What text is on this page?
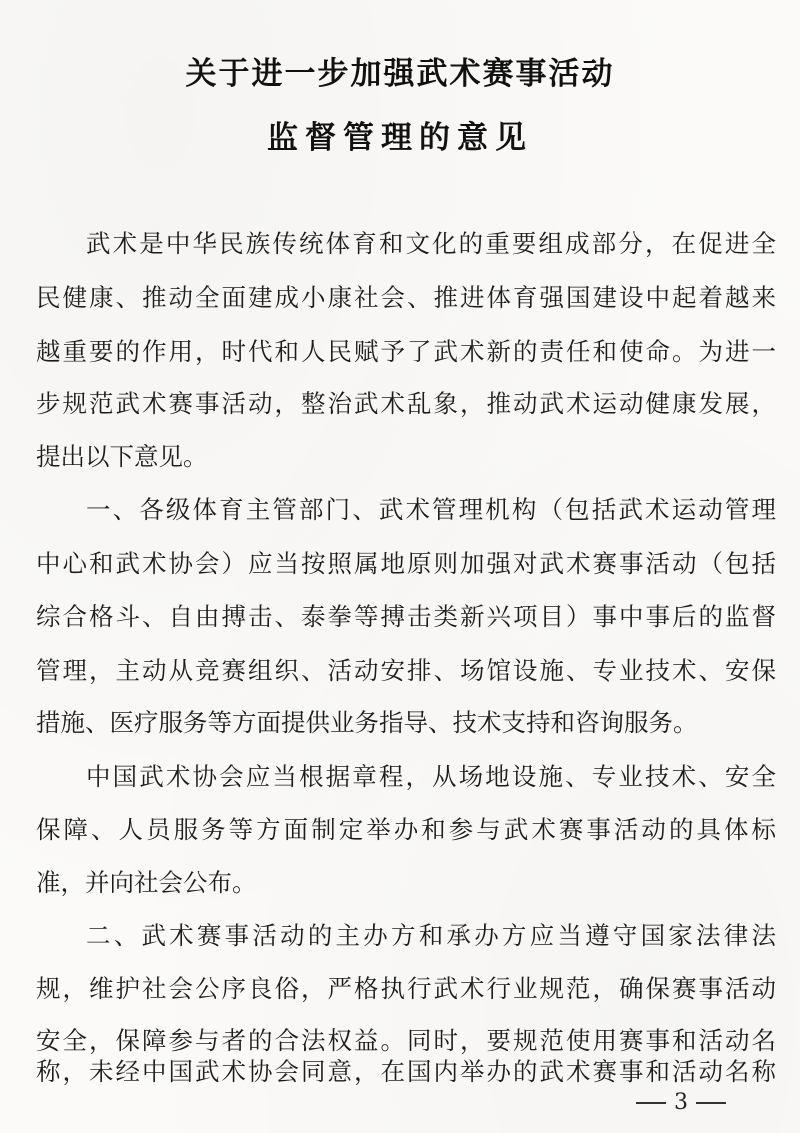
关于进一步加强武术赛事活动
监督管理的意见
武术是中华民族传统体育和文化的重要组成部分，在促进全
民健康、推动全面建成小康社会、推进体育强国建设中起着越来
越重要的作用，时代和人民赋予了武术新的责任和使命。为进一
步规范武术赛事活动，整治武术乱象，推动武术运动健康发展，
提出以下意见。
一、各级体育主管部门、武术管理机构（包括武术运动管理
中心和武术协会）应当按照属地原则加强对武术赛事活动（包括
综合格斗、自由搏击、泰拳等搏击类新兴项目）事中事后的监督
管理，主动从竞赛组织、活动安排、场馆设施、专业技术、安保
措施、医疗服务等方面提供业务指导、技术支持和咨询服务。
中国武术协会应当根据章程，从场地设施、专业技术、安全
保障、人员服务等方面制定举办和参与武术赛事活动的具体标
准，并向社会公布。
二、武术赛事活动的主办方和承办方应当遵守国家法律法
规，维护社会公序良俗，严格执行武术行业规范，确保赛事活动
安全，保障参与者的合法权益。同时，要规范使用赛事和活动名
称，未经中国武术协会同意，在国内举办的武术赛事和活动名称
3
